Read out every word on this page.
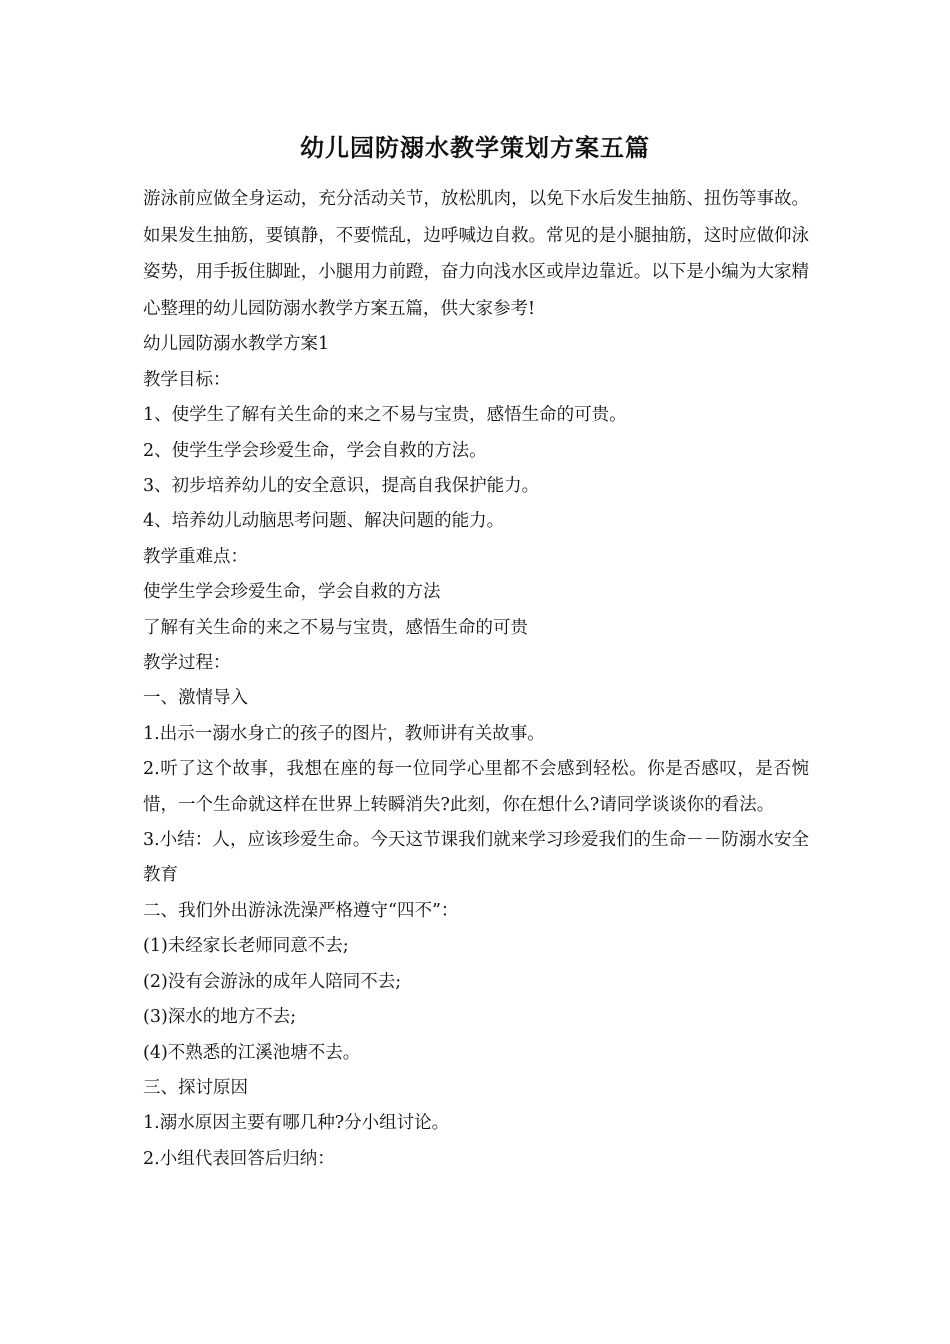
幼儿园防溺水教学策划方案五篇

游泳前应做全身运动，充分活动关节，放松肌肉，以免下水后发生抽筋、扭伤等事故。如果发生抽筋，要镇静，不要慌乱，边呼喊边自救。常见的是小腿抽筋，这时应做仰泳姿势，用手扳住脚趾，小腿用力前蹬，奋力向浅水区或岸边靠近。以下是小编为大家精心整理的幼儿园防溺水教学方案五篇，供大家参考!

幼儿园防溺水教学方案1

教学目标：

1、使学生了解有关生命的来之不易与宝贵，感悟生命的可贵。

2、使学生学会珍爱生命，学会自救的方法。

3、初步培养幼儿的安全意识，提高自我保护能力。

4、培养幼儿动脑思考问题、解决问题的能力。

教学重难点：

使学生学会珍爱生命，学会自救的方法

了解有关生命的来之不易与宝贵，感悟生命的可贵

教学过程：

一、激情导入

1.出示一溺水身亡的孩子的图片，教师讲有关故事。

2.听了这个故事，我想在座的每一位同学心里都不会感到轻松。你是否感叹，是否惋惜，一个生命就这样在世界上转瞬消失?此刻，你在想什么?请同学谈谈你的看法。

3.小结：人，应该珍爱生命。今天这节课我们就来学习珍爱我们的生命－－防溺水安全教育

二、我们外出游泳洗澡严格遵守“四不”：

(1)未经家长老师同意不去;

(2)没有会游泳的成年人陪同不去;

(3)深水的地方不去;

(4)不熟悉的江溪池塘不去。

三、探讨原因

1.溺水原因主要有哪几种?分小组讨论。

2.小组代表回答后归纳：
